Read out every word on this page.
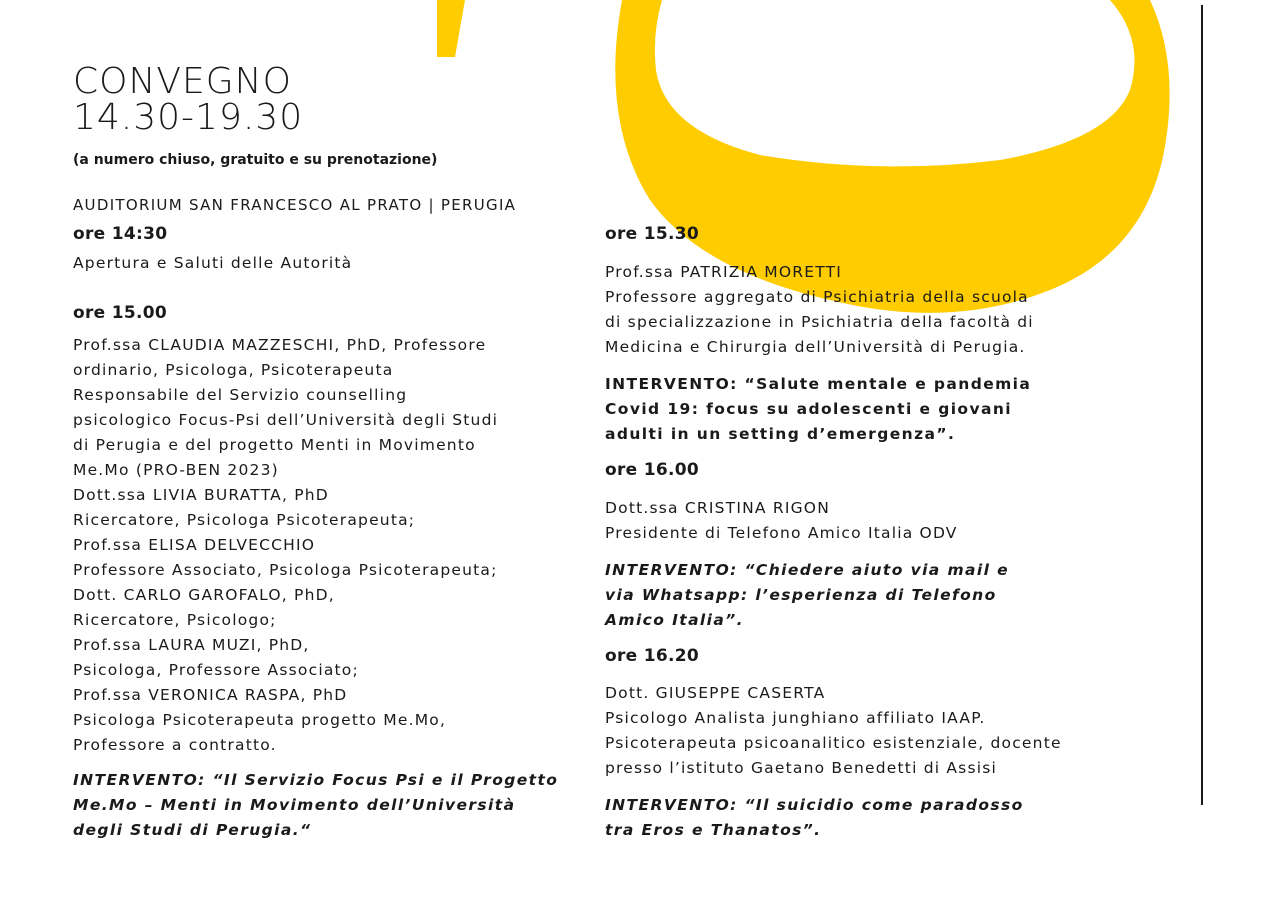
CONVEGNO
14.30-19.30
(a numero chiuso, gratuito e su prenotazione)
AUDITORIUM SAN FRANCESCO AL PRATO | PERUGIA
ore 14:30
Apertura e Saluti delle Autorità
ore 15.00
Prof.ssa CLAUDIA MAZZESCHI, PhD, Professore
ordinario, Psicologa, Psicoterapeuta
Responsabile del Servizio counselling
psicologico Focus-Psi dell’Università degli Studi
di Perugia e del progetto Menti in Movimento
Me.Mo (PRO-BEN 2023)
Dott.ssa LIVIA BURATTA, PhD
Ricercatore, Psicologa Psicoterapeuta;
Prof.ssa ELISA DELVECCHIO
Professore Associato, Psicologa Psicoterapeuta;
Dott. CARLO GAROFALO, PhD,
Ricercatore, Psicologo;
Prof.ssa LAURA MUZI, PhD,
Psicologa, Professore Associato;
Prof.ssa VERONICA RASPA, PhD
Psicologa Psicoterapeuta progetto Me.Mo,
Professore a contratto.
INTERVENTO: “Il Servizio Focus Psi e il Progetto
Me.Mo – Menti in Movimento dell’Università
degli Studi di Perugia.“
ore 15.30
Prof.ssa PATRIZIA MORETTI
Professore aggregato di Psichiatria della scuola
di specializzazione in Psichiatria della facoltà di
Medicina e Chirurgia dell’Università di Perugia.
INTERVENTO: “Salute mentale e pandemia
Covid 19: focus su adolescenti e giovani
adulti in un setting d’emergenza”.
ore 16.00
Dott.ssa CRISTINA RIGON
Presidente di Telefono Amico Italia ODV
INTERVENTO: “Chiedere aiuto via mail e
via Whatsapp: l’esperienza di Telefono
Amico Italia”.
ore 16.20
Dott. GIUSEPPE CASERTA
Psicologo Analista junghiano affiliato IAAP.
Psicoterapeuta psicoanalitico esistenziale, docente
presso l’istituto Gaetano Benedetti di Assisi
INTERVENTO: “Il suicidio come paradosso
tra Eros e Thanatos”.
